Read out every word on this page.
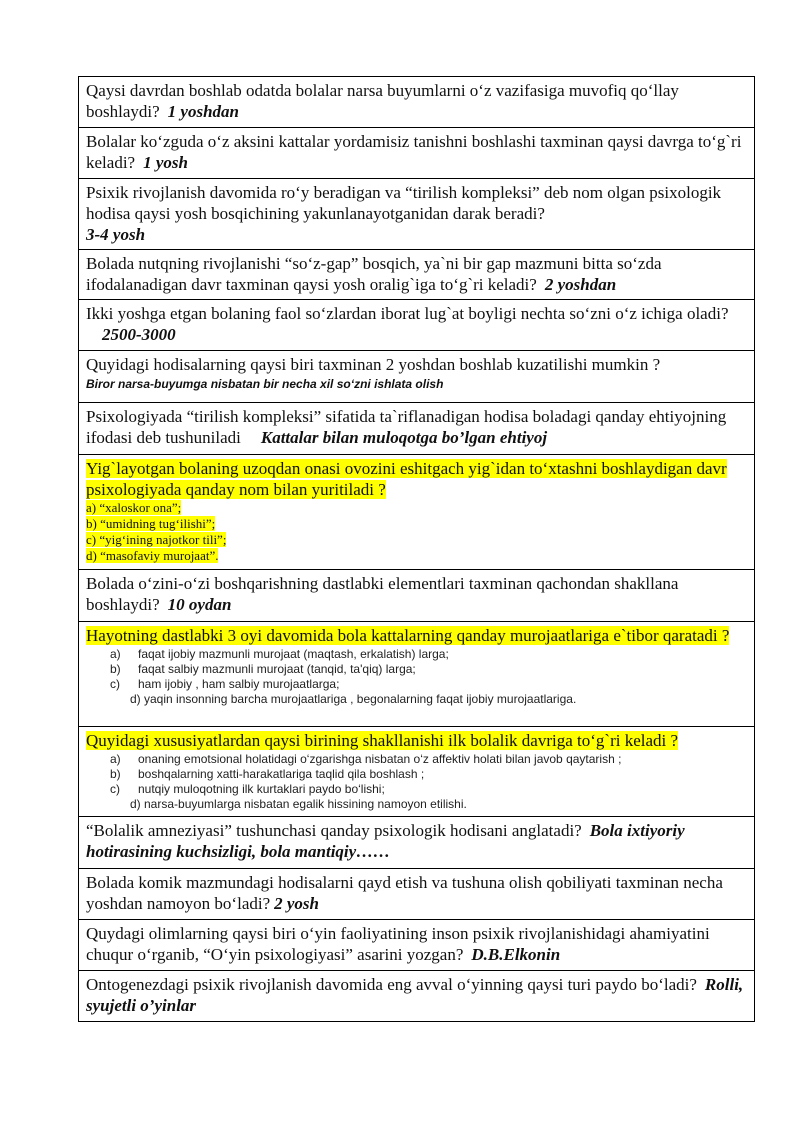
Qaysi davrdan boshlab odatda bolalar narsa buyumlarni o‘z vazifasiga muvofiq qo‘llay boshlaydi? 1 yoshdan
Bolalar ko‘zguda o‘z aksini kattalar yordamisiz tanishni boshlashi taxminan qaysi davrga to‘g`ri keladi? 1 yosh
Psixik rivojlanish davomida ro‘y beradigan va “tirilish kompleksi” deb nom olgan psixologik hodisa qaysi yosh bosqichining yakunlanayotganidan darak beradi?
3-4 yosh

Bolada nutqning rivojlanishi “so‘z-gap” bosqich, ya`ni bir gap mazmuni bitta so‘zda ifodalanadigan davr taxminan qaysi yosh oralig`iga to‘g`ri keladi? 2 yoshdan
Ikki yoshga etgan bolaning faol so‘zlardan iborat lug`at boyligi nechta so‘zni o‘z ichiga oladi?2500-3000
Quyidagi hodisalarning qaysi biri taxminan 2 yoshdan boshlab kuzatilishi mumkin ?
Biror narsa-buyumga nisbatan bir necha xil so‘zni ishlata olish

Psixologiyada “tirilish kompleksi” sifatida ta`riflanadigan hodisa boladagi qanday ehtiyojning ifodasi deb tushuniladi Kattalar bilan muloqotga bo’lgan ehtiyoj
Yig`layotgan bolaning uzoqdan onasi ovozini eshitgach yig`idan to‘xtashni boshlaydigan davr psixologiyada qanday nom bilan yuritiladi ?
a) “xaloskor ona”;
b) “umidning tug‘ilishi”;
c) “yig‘ining najotkor tili”;
d) “masofaviy murojaat”.

Bolada o‘zini-o‘zi boshqarishning dastlabki elementlari taxminan qachondan shakllana boshlaydi? 10 oydan

Hayotning dastlabki 3 oyi davomida bola kattalarning qanday murojaatlariga e`tibor qaratadi ?
a) faqat ijobiy mazmunli murojaat (maqtash, erkalatish) larga;
b) faqat salbiy mazmunli murojaat (tanqid, ta'qiq) larga;
c) ham ijobiy , ham salbiy murojaatlarga;
d) yaqin insonning barcha murojaatlariga , begonalarning faqat ijobiy murojaatlariga.

Quyidagi xususiyatlardan qaysi birining shakllanishi ilk bolalik davriga to‘g`ri keladi ?
a) onaning emotsional holatidagi o‘zgarishga nisbatan o‘z affektiv holati bilan javob qaytarish ;
b) boshqalarning xatti-harakatlariga taqlid qila boshlash ;
c) nutqiy muloqotning ilk kurtaklari paydo bo‘lishi;
d) narsa-buyumlarga nisbatan egalik hissining namoyon etilishi.

“Bolalik amneziyasi” tushunchasi qanday psixologik hodisani anglatadi? Bola ixtiyoriy hotirasining kuchsizligi, bola mantiqiy……
Bolada komik mazmundagi hodisalarni qayd etish va tushuna olish qobiliyati taxminan necha yoshdan namoyon bo‘ladi? 2 yosh
Quydagi olimlarning qaysi biri o‘yin faoliyatining inson psixik rivojlanishidagi ahamiyatini chuqur o‘rganib, “O‘yin psixologiyasi” asarini yozgan? D.B.Elkonin
Ontogenezdagi psixik rivojlanish davomida eng avval o‘yinning qaysi turi paydo bo‘ladi? Rolli, syujetli o’yinlar
